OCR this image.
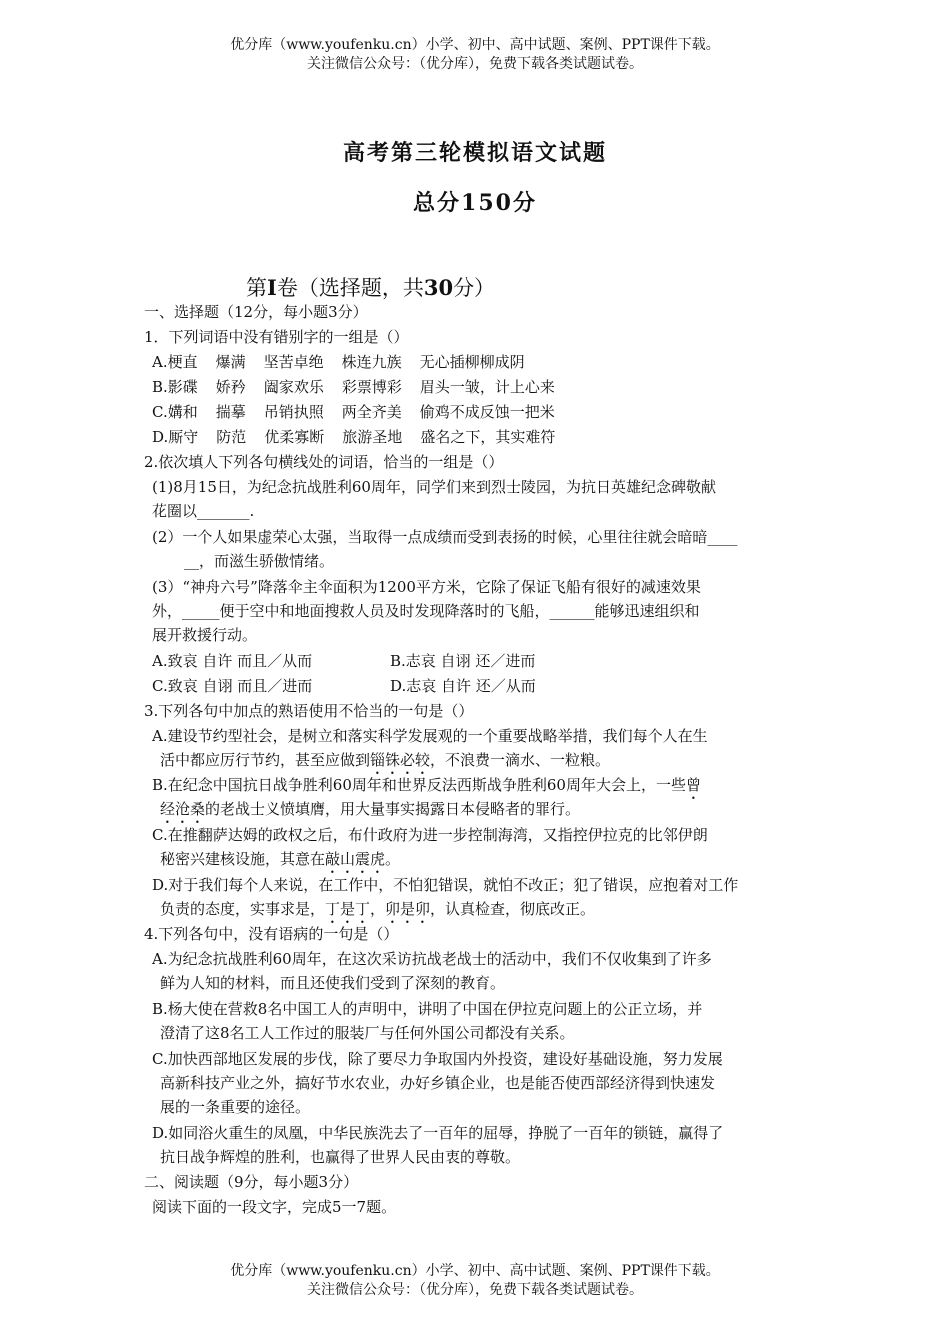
优分库（www.youfenku.cn）小学、初中、高中试题、案例、PPT课件下载。
关注微信公众号：（优分库），免费下载各类试题试卷。
高考第三轮模拟语文试题
总分150分
第I卷（选择题，共30分）
一、选择题（12分，每小题3分）
1．下列词语中没有错别字的一组是（）
A.梗直 爆满 坚苦卓绝 株连九族 无心插柳柳成阴
B.影碟 娇矜 阖家欢乐 彩票博彩 眉头一皱，计上心来
C.媾和 揣摹 吊销执照 两全齐美 偷鸡不成反蚀一把米
D.厮守 防范 优柔寡断 旅游圣地 盛名之下，其实难符
2.依次填人下列各句横线处的词语，恰当的一组是（）
(1)8月15日，为纪念抗战胜利60周年，同学们来到烈士陵园，为抗日英雄纪念碑敬献
花圈以_______.
(2）一个人如果虚荣心太强，当取得一点成绩而受到表扬的时候，心里往往就会暗暗____
__，而滋生骄傲情绪。
(3）“神舟六号”降落伞主伞面积为1200平方米，它除了保证飞船有很好的减速效果
外，_____便于空中和地面搜救人员及时发现降落时的飞船，______能够迅速组织和
展开救援行动。
A.致哀 自许 而且／从而	B.志哀 自诩 还／进而
C.致哀 自诩 而且／进而	D.志哀 自许 还／从而
3.下列各句中加点的熟语使用不恰当的一句是（）
A.建设节约型社会，是树立和落实科学发展观的一个重要战略举措，我们每个人在生
活中都应厉行节约，甚至应做到锱铢必较，不浪费一滴水、一粒粮。
B.在纪念中国抗日战争胜利60周年和世界反法西斯战争胜利60周年大会上，一些曾
经沧桑的老战士义愤填膺，用大量事实揭露日本侵略者的罪行。
C.在推翻萨达姆的政权之后，布什政府为进一步控制海湾，又指控伊拉克的比邻伊朗
秘密兴建核设施，其意在敲山震虎。
D.对于我们每个人来说，在工作中，不怕犯错误，就怕不改正；犯了错误，应抱着对工作
负责的态度，实事求是，丁是丁，卯是卯，认真检查，彻底改正。
4.下列各句中，没有语病的一句是（）
A.为纪念抗战胜利60周年，在这次采访抗战老战士的活动中，我们不仅收集到了许多
鲜为人知的材料，而且还使我们受到了深刻的教育。
B.杨大使在营救8名中国工人的声明中，讲明了中国在伊拉克问题上的公正立场，并
澄清了这8名工人工作过的服装厂与任何外国公司都没有关系。
C.加快西部地区发展的步伐，除了要尽力争取国内外投资，建设好基础设施，努力发展
高新科技产业之外，搞好节水农业，办好乡镇企业，也是能否使西部经济得到快速发
展的一条重要的途径。
D.如同浴火重生的凤凰，中华民族洗去了一百年的屈辱，挣脱了一百年的锁链，赢得了
抗日战争辉煌的胜利，也赢得了世界人民由衷的尊敬。
二、阅读题（9分，每小题3分）
阅读下面的一段文字，完成5一7题。
优分库（www.youfenku.cn）小学、初中、高中试题、案例、PPT课件下载。
关注微信公众号：（优分库），免费下载各类试题试卷。
